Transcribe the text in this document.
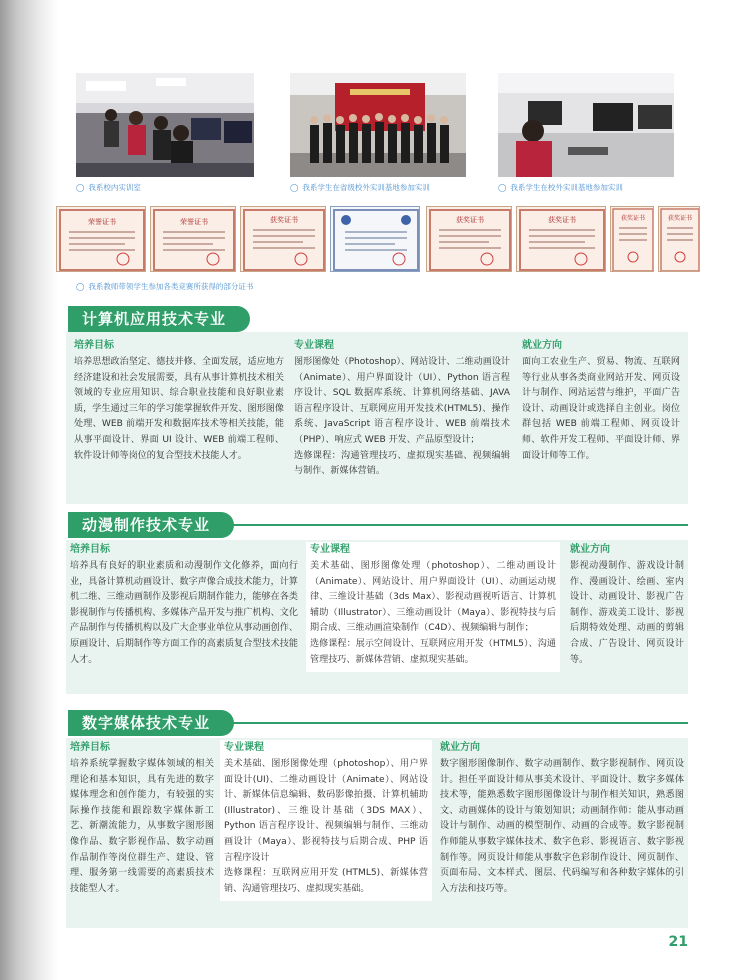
◯ 我系校内实训室	◯ 我系学生在省级校外实训基地参加实训	◯ 我系学生在校外实训基地参加实训
荣誉证书	荣誉证书	获奖证书	获奖证书	获奖证书	获奖证书	获奖证书
◯ 我系教师带领学生参加各类竞赛所获得的部分证书
计算机应用技术专业
培养目标

培养思想政治坚定、德技并修、全面发展，适应地方经济建设和社会发展需要，具有从事计算机技术相关领域的专业应用知识、综合职业技能和良好职业素质，学生通过三年的学习能掌握软件开发、图形图像处理、WEB 前端开发和数据库技术等相关技能，能从事平面设计、界面 UI 设计、WEB 前端工程师、软件设计师等岗位的复合型技术技能人才。

专业课程

图形图像处（Photoshop）、网站设计、二维动画设计（Animate）、用户界面设计（UI）、Python 语言程序设计、SQL 数据库系统、计算机网络基础、JAVA 语言程序设计、互联网应用开发技术(HTML5)、操作系统、JavaScript 语言程序设计、WEB 前端技术（PHP）、响应式 WEB 开发、产品原型设计；

选修课程：沟通管理技巧、虚拟现实基础、视频编辑与制作、新媒体营销。

就业方向

面向工农业生产、贸易、物流、互联网等行业从事各类商业网站开发、网页设计与制作、网站运营与维护，平面广告设计、动画设计或选择自主创业。岗位群包括 WEB 前端工程师、网页设计师、软件开发工程师、平面设计师、界面设计师等工作。

动漫制作技术专业
培养目标

培养具有良好的职业素质和动漫制作文化修养，面向行业，具备计算机动画设计、数字声像合成技术能力，计算机二维、三维动画制作及影视后期制作能力，能够在各类影视制作与传播机构、多媒体产品开发与推广机构、文化产品制作与传播机构以及广大企事业单位从事动画创作、原画设计、后期制作等方面工作的高素质复合型技术技能人才。

专业课程

美术基础、图形图像处理（photoshop）、二维动画设计（Animate）、网站设计、用户界面设计（UI）、动画运动规律、三维设计基础（3ds Max）、影视动画视听语言、计算机辅助（Illustrator）、三维动画设计（Maya）、影视特技与后期合成、三维动画渲染制作（C4D）、视频编辑与制作；

选修课程：展示空间设计、互联网应用开发（HTML5）、沟通管理技巧、新媒体营销、虚拟现实基础。

就业方向

影视动漫制作、游戏设计制作、漫画设计、绘画、室内设计、动画设计、影视广告制作、游戏美工设计、影视后期特效处理、动画的剪辑合成、广告设计、网页设计等。

数字媒体技术专业
培养目标

培养系统掌握数字媒体领域的相关理论和基本知识，具有先进的数字媒体理念和创作能力，有较强的实际操作技能和跟踪数字媒体新工艺、新潮流能力，从事数字图形图像作品、数字影视作品、数字动画作品制作等岗位群生产、建设、管理、服务第一线需要的高素质技术技能型人才。

专业课程

美术基础、图形图像处理（photoshop）、用户界面设计(UI)、二维动画设计（Animate）、网站设计、新媒体信息编辑、数码影像拍摄、计算机辅助(Illustrator)、三维设计基础（3DS MAX）、Python 语言程序设计、视频编辑与制作、三维动画设计（Maya）、影视特技与后期合成、PHP 语言程序设计

选修课程：互联网应用开发 (HTML5)、新媒体营销、沟通管理技巧、虚拟现实基础。

就业方向

数字图形图像制作、数字动画制作、数字影视制作、网页设计。担任平面设计师从事美术设计、平面设计、数字多媒体技术等，能熟悉数字图形图像设计与制作相关知识，熟悉图文、动画媒体的设计与策划知识；动画制作师：能从事动画设计与制作、动画的模型制作、动画的合成等。数字影视制作师能从事数字媒体技术、数字色彩、影视语言、数字影视制作等。网页设计师能从事数字色彩制作设计、网页制作、页面布局、文本样式、图层、代码编写和各种数字媒体的引入方法和技巧等。

21
